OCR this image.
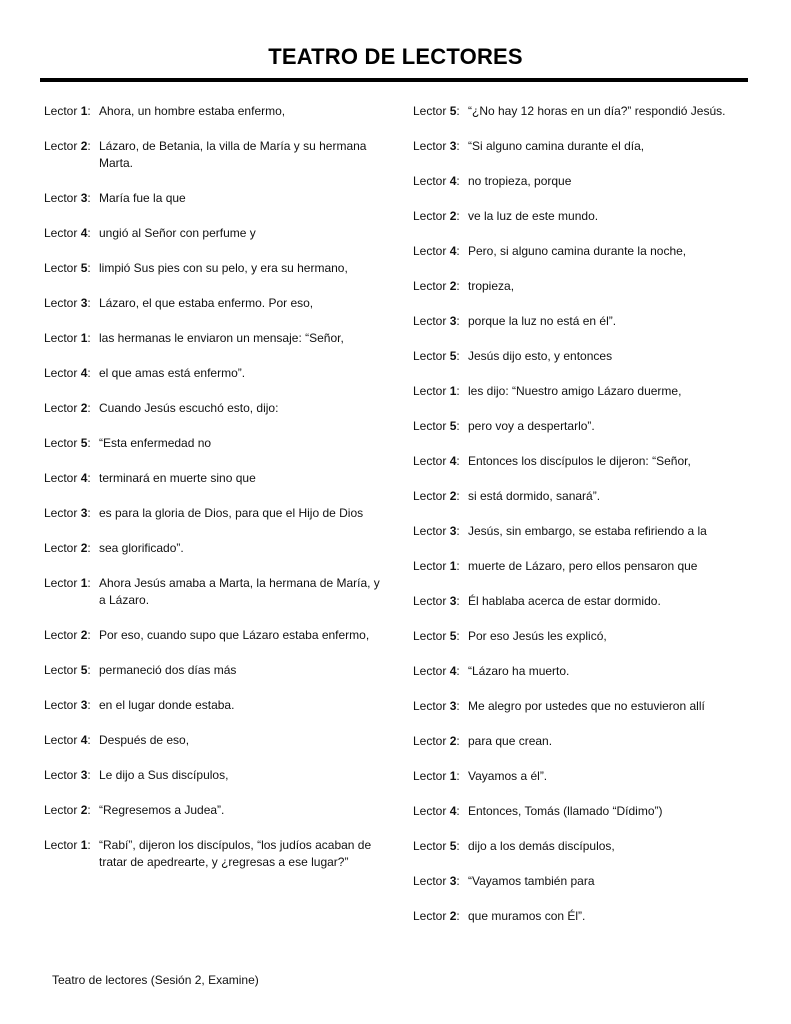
TEATRO DE LECTORES
Lector 1: Ahora, un hombre estaba enfermo,
Lector 2: Lázaro, de Betania, la villa de María y su hermana Marta.
Lector 3: María fue la que
Lector 4: ungió al Señor con perfume y
Lector 5: limpió Sus pies con su pelo, y era su hermano,
Lector 3: Lázaro, el que estaba enfermo. Por eso,
Lector 1: las hermanas le enviaron un mensaje: “Señor,
Lector 4: el que amas está enfermo”.
Lector 2: Cuando Jesús escuchó esto, dijo:
Lector 5: “Esta enfermedad no
Lector 4: terminará en muerte sino que
Lector 3: es para la gloria de Dios, para que el Hijo de Dios
Lector 2: sea glorificado”.
Lector 1: Ahora Jesús amaba a Marta, la hermana de María, y a Lázaro.
Lector 2: Por eso, cuando supo que Lázaro estaba enfermo,
Lector 5: permaneció dos días más
Lector 3: en el lugar donde estaba.
Lector 4: Después de eso,
Lector 3: Le dijo a Sus discípulos,
Lector 2: “Regresemos a Judea”.
Lector 1: “Rabí”, dijeron los discípulos, “los judíos acaban de tratar de apedrearte, y ¿regresas a ese lugar?”
Lector 5: “¿No hay 12 horas en un día?” respondió Jesús.
Lector 3: “Si alguno camina durante el día,
Lector 4: no tropieza, porque
Lector 2: ve la luz de este mundo.
Lector 4: Pero, si alguno camina durante la noche,
Lector 2: tropieza,
Lector 3: porque la luz no está en él”.
Lector 5: Jesús dijo esto, y entonces
Lector 1: les dijo: “Nuestro amigo Lázaro duerme,
Lector 5: pero voy a despertarlo”.
Lector 4: Entonces los discípulos le dijeron: “Señor,
Lector 2: si está dormido, sanará”.
Lector 3: Jesús, sin embargo, se estaba refiriendo a la
Lector 1: muerte de Lázaro, pero ellos pensaron que
Lector 3: Él hablaba acerca de estar dormido.
Lector 5: Por eso Jesús les explicó,
Lector 4: “Lázaro ha muerto.
Lector 3: Me alegro por ustedes que no estuvieron allí
Lector 2: para que crean.
Lector 1: Vayamos a él”.
Lector 4: Entonces, Tomás (llamado “Dídimo”)
Lector 5: dijo a los demás discípulos,
Lector 3: “Vayamos también para
Lector 2: que muramos con Él”.
Teatro de lectores (Sesión 2, Examine)
